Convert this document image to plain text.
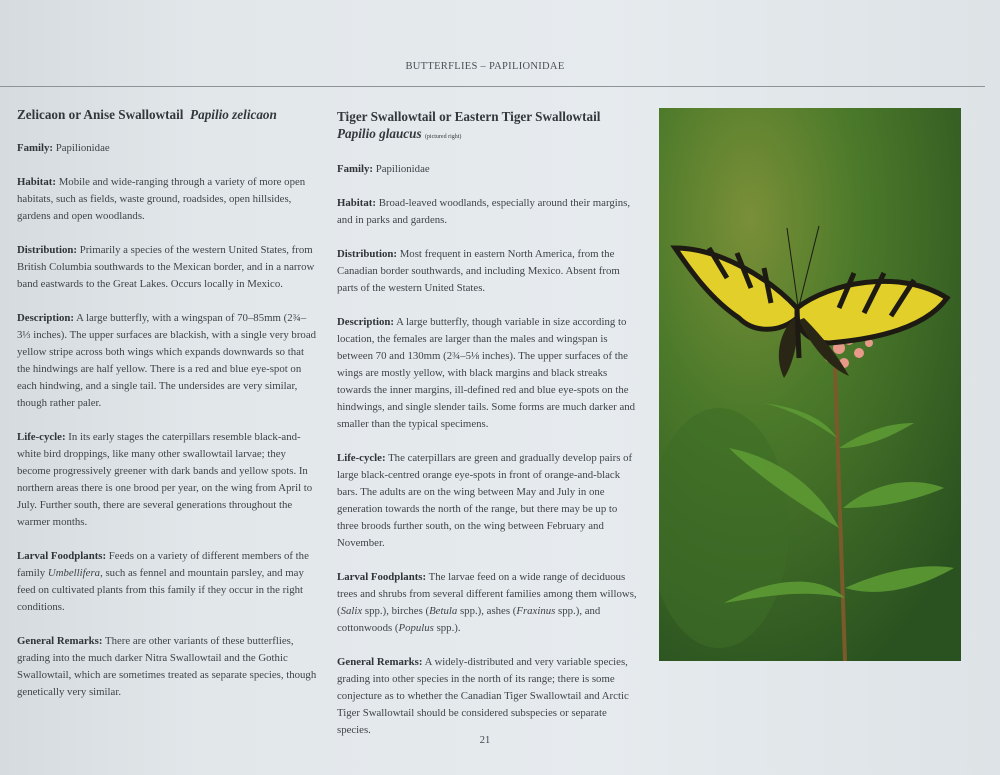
BUTTERFLIES – PAPILIONIDAE
Zelicaon or Anise Swallowtail Papilio zelicaon

Family: Papilionidae

Habitat: Mobile and wide-ranging through a variety of more open habitats, such as fields, waste ground, roadsides, open hillsides, gardens and open woodlands.

Distribution: Primarily a species of the western United States, from British Columbia southwards to the Mexican border, and in a narrow band eastwards to the Great Lakes. Occurs locally in Mexico.

Description: A large butterfly, with a wingspan of 70–85mm (2¾–3⅓ inches). The upper surfaces are blackish, with a single very broad yellow stripe across both wings which expands downwards so that the hindwings are half yellow. There is a red and blue eye-spot on each hindwing, and a single tail. The undersides are very similar, though rather paler.

Life-cycle: In its early stages the caterpillars resemble black-and-white bird droppings, like many other swallowtail larvae; they become progressively greener with dark bands and yellow spots. In northern areas there is one brood per year, on the wing from April to July. Further south, there are several generations throughout the warmer months.

Larval Foodplants: Feeds on a variety of different members of the family Umbellifera, such as fennel and mountain parsley, and may feed on cultivated plants from this family if they occur in the right conditions.

General Remarks: There are other variants of these butterflies, grading into the much darker Nitra Swallowtail and the Gothic Swallowtail, which are sometimes treated as separate species, though genetically very similar.

Tiger Swallowtail or Eastern Tiger Swallowtail
Papilio glaucus (pictured right)

Family: Papilionidae

Habitat: Broad-leaved woodlands, especially around their margins, and in parks and gardens.

Distribution: Most frequent in eastern North America, from the Canadian border southwards, and including Mexico. Absent from parts of the western United States.

Description: A large butterfly, though variable in size according to location, the females are larger than the males and wingspan is between 70 and 130mm (2¾–5⅛ inches). The upper surfaces of the wings are mostly yellow, with black margins and black streaks towards the inner margins, ill-defined red and blue eye-spots on the hindwings, and single slender tails. Some forms are much darker and smaller than the typical specimens.

Life-cycle: The caterpillars are green and gradually develop pairs of large black-centred orange eye-spots in front of orange-and-black bars. The adults are on the wing between May and July in one generation towards the north of the range, but there may be up to three broods further south, on the wing between February and November.

Larval Foodplants: The larvae feed on a wide range of deciduous trees and shrubs from several different families among them willows, (Salix spp.), birches (Betula spp.), ashes (Fraxinus spp.), and cottonwoods (Populus spp.).

General Remarks: A widely-distributed and very variable species, grading into other species in the north of its range; there is some conjecture as to whether the Canadian Tiger Swallowtail and Arctic Tiger Swallowtail should be considered subspecies or separate species.

21
